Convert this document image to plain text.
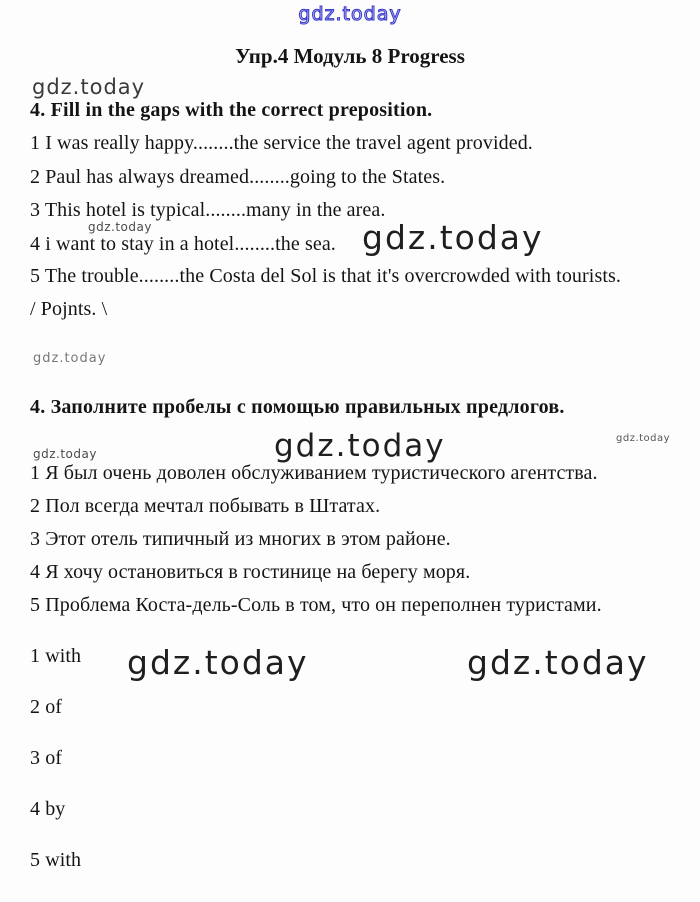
gdz.today
Упр.4 Модуль 8 Progress
gdz.today
4. Fill in the gaps with the correct preposition.
1 I was really happy........the service the travel agent provided.
2 Paul has always dreamed........going to the States.
3 This hotel is typical........many in the area.
4 i want to stay in a hotel........the sea.
5 The trouble........the Costa del Sol is that it's overcrowded with tourists.
gdz.today	gdz.today
/ Pojnts. \
gdz.today
4. Заполните пробелы с помощью правильных предлогов.
gdz.today
gdz.today
gdz.today
1 Я был очень доволен обслуживанием туристического агентства.
2 Пол всегда мечтал побывать в Штатах.
3 Этот отель типичный из многих в этом районе.
4 Я хочу остановиться в гостинице на берегу моря.
5 Проблема Коста-дель-Соль в том, что он переполнен туристами.
1 with
2 of
3 of
4 by
5 with
gdz.today	gdz.today
